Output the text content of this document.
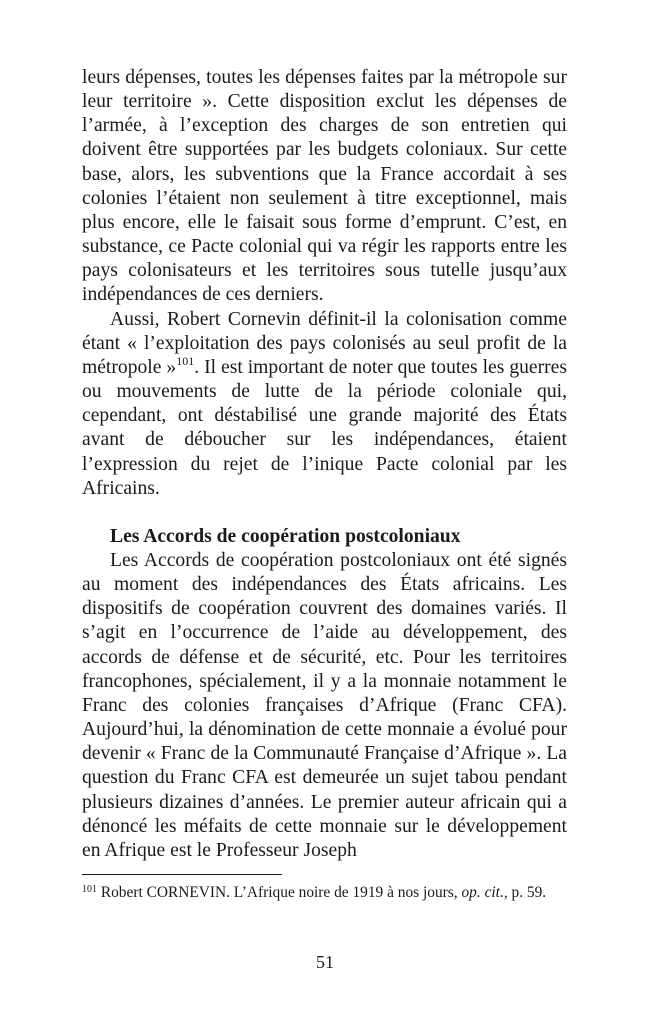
leurs dépenses, toutes les dépenses faites par la métropole sur leur territoire ». Cette disposition exclut les dépenses de l’armée, à l’exception des charges de son entretien qui doivent être supportées par les budgets coloniaux. Sur cette base, alors, les subventions que la France accordait à ses colonies l’étaient non seulement à titre exceptionnel, mais plus encore, elle le faisait sous forme d’emprunt. C’est, en substance, ce Pacte colonial qui va régir les rapports entre les pays colonisateurs et les territoires sous tutelle jusqu’aux indépendances de ces derniers.

Aussi, Robert Cornevin définit-il la colonisation comme étant « l’exploitation des pays colonisés au seul profit de la métropole »$^{101}$. Il est important de noter que toutes les guerres ou mouvements de lutte de la période coloniale qui, cependant, ont déstabilisé une grande majorité des États avant de déboucher sur les indépendances, étaient l’expression du rejet de l’inique Pacte colonial par les Africains.

Les Accords de coopération postcoloniaux

Les Accords de coopération postcoloniaux ont été signés au moment des indépendances des États africains. Les dispositifs de coopération couvrent des domaines variés. Il s’agit en l’occurrence de l’aide au développement, des accords de défense et de sécurité, etc. Pour les territoires francophones, spécialement, il y a la monnaie notamment le Franc des colonies françaises d’Afrique (Franc CFA). Aujourd’hui, la dénomination de cette monnaie a évolué pour devenir « Franc de la Communauté Française d’Afrique ». La question du Franc CFA est demeurée un sujet tabou pendant plusieurs dizaines d’années. Le premier auteur africain qui a dénoncé les méfaits de cette monnaie sur le développement en Afrique est le Professeur Joseph

$^{101}$ Robert CORNEVIN. L’Afrique noire de 1919 à nos jours, op. cit., p. 59.
51
